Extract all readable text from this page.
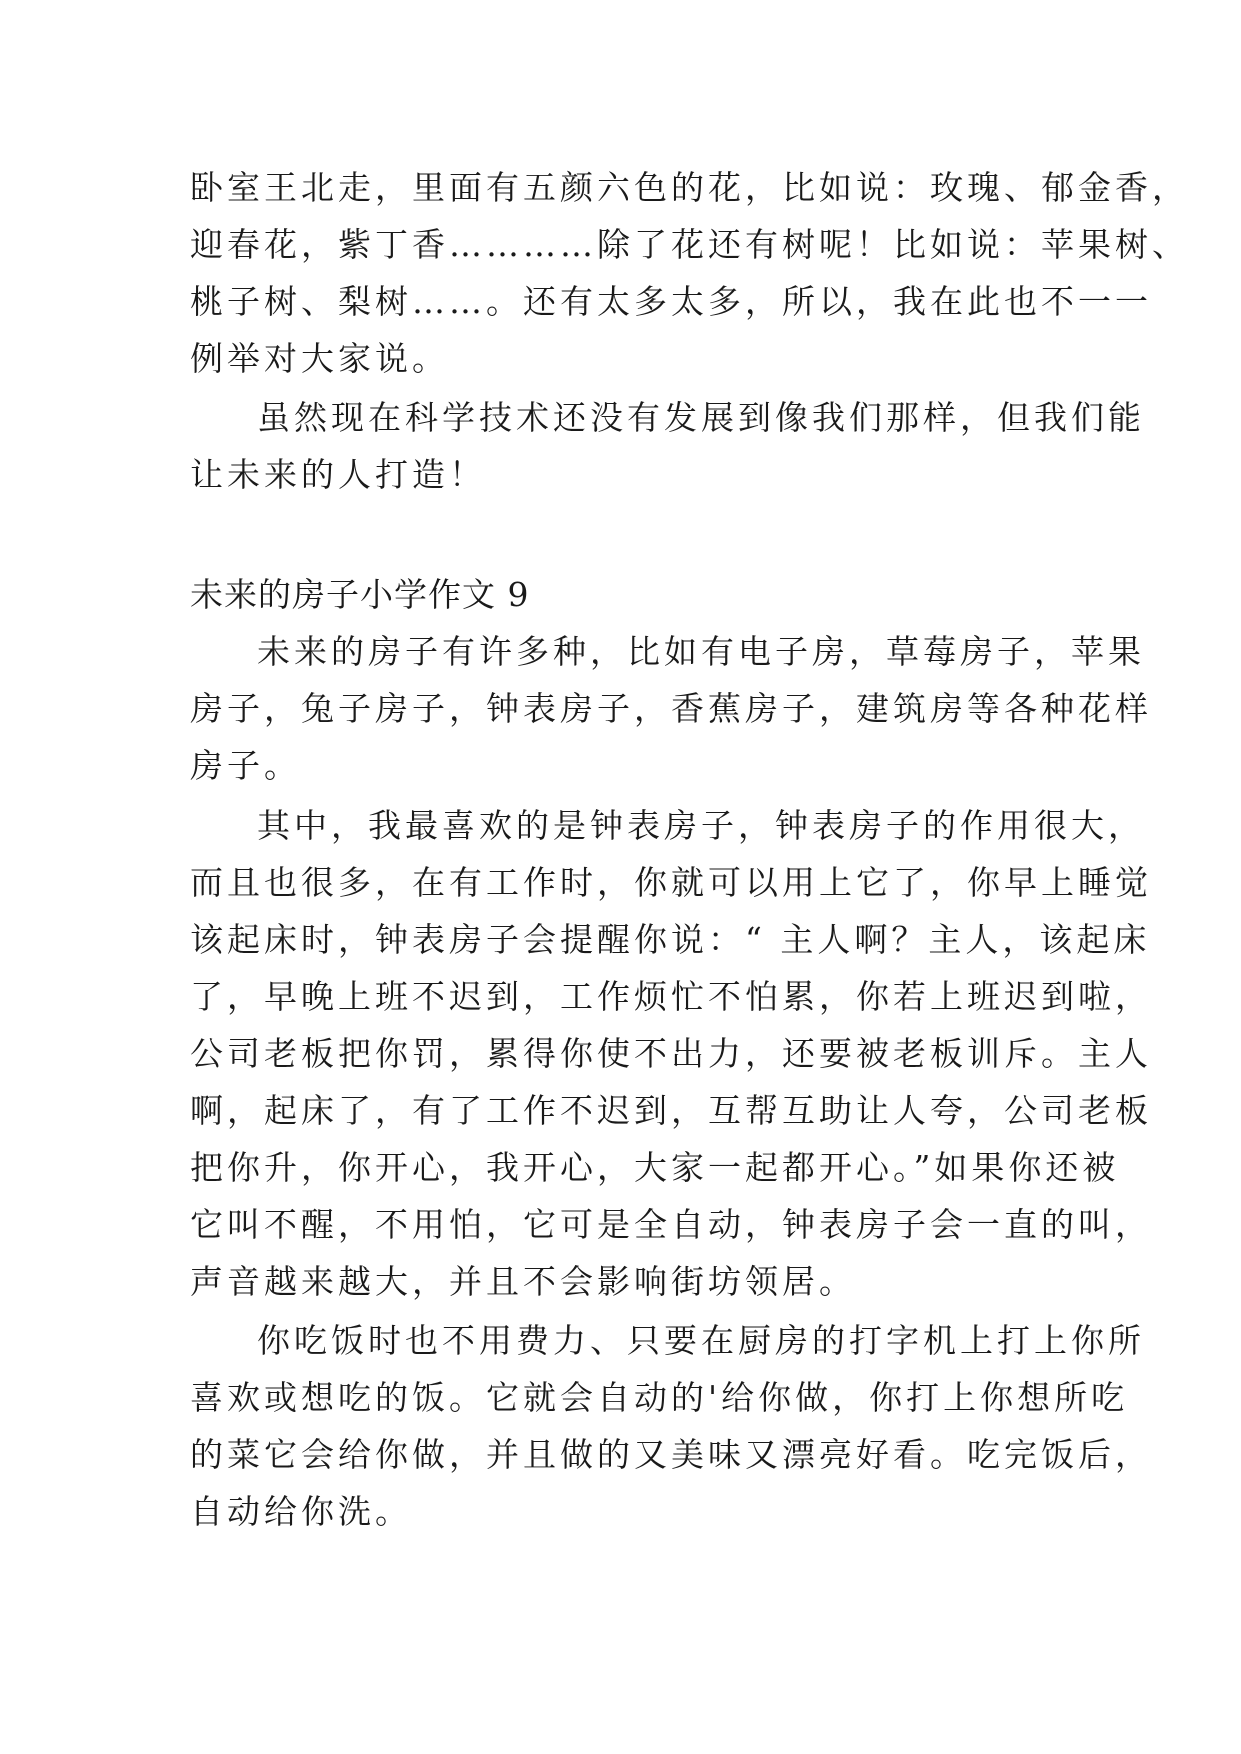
卧室王北走，里面有五颜六色的花，比如说：玫瑰、郁金香，

迎春花，紫丁香…………除了花还有树呢！比如说：苹果树、

桃子树、梨树……。还有太多太多，所以，我在此也不一一

例举对大家说。

虽然现在科学技术还没有发展到像我们那样，但我们能

让未来的人打造！

未来的房子小学作文 9

未来的房子有许多种，比如有电子房，草莓房子，苹果

房子，兔子房子，钟表房子，香蕉房子，建筑房等各种花样

房子。

其中，我最喜欢的是钟表房子，钟表房子的作用很大，

而且也很多，在有工作时，你就可以用上它了，你早上睡觉

该起床时，钟表房子会提醒你说：“ 主人啊？主人，该起床

了，早晚上班不迟到，工作烦忙不怕累，你若上班迟到啦，

公司老板把你罚，累得你使不出力，还要被老板训斥。主人

啊，起床了，有了工作不迟到，互帮互助让人夸，公司老板

把你升，你开心，我开心，大家一起都开心。”如果你还被

它叫不醒，不用怕，它可是全自动，钟表房子会一直的叫，

声音越来越大，并且不会影响街坊领居。

你吃饭时也不用费力、只要在厨房的打字机上打上你所

喜欢或想吃的饭。它就会自动的'给你做，你打上你想所吃

的菜它会给你做，并且做的又美味又漂亮好看。吃完饭后，

自动给你洗。
